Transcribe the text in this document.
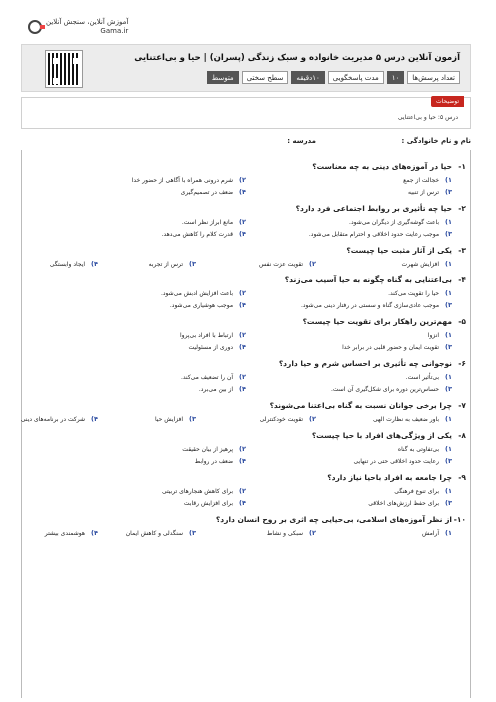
آموزش آنلاین، سنجش آنلاین
Gama.ir
آزمون آنلاین درس ۵ مدیریت خانواده و سبک زندگی (پسران) | حیا و بی‌اعتنایی
تعداد پرسش‌ها
۱۰
مدت پاسخگویی
۱۰دقیقه
سطح سختی
متوسط
توضیحات
درس ۵: حیا و بی‌اعتنایی
نام و نام خانوادگی :
مدرسه :
۱-
حیا در آموزه‌های دینی به چه معناست؟
۱)
خجالت از جمع
۲)
شرم درونی همراه با آگاهی از حضور خدا
۳)
ترس از تنبیه
۴)
ضعف در تصمیم‌گیری
۲-
حیا چه تأثیری بر روابط اجتماعی فرد دارد؟
۱)
باعث گوشه‌گیری از دیگران می‌شود.
۲)
مانع ابراز نظر است.
۳)
موجب رعایت حدود اخلاقی و احترام متقابل می‌شود.
۴)
قدرت کلام را کاهش می‌دهد.
۳-
یکی از آثار مثبت حیا چیست؟
۱)
افزایش شهرت
۲)
تقویت عزت نفس
۳)
ترس از تجربه
۴)
ایجاد وابستگی
۴-
بی‌اعتنایی به گناه چگونه به حیا آسیب می‌زند؟
۱)
حیا را تقویت می‌کند.
۲)
باعث افزایش ادبش می‌شود.
۳)
موجب عادی‌سازی گناه و سستی در رفتار دینی می‌شود.
۴)
موجب هوشیاری می‌شود.
۵-
مهم‌ترین راهکار برای تقویت حیا چیست؟
۱)
انزوا
۲)
ارتباط با افراد بی‌پروا
۳)
تقویت ایمان و حضور قلبی در برابر خدا
۴)
دوری از مسئولیت
۶-
نوجوانی چه تأثیری بر احساس شرم و حیا دارد؟
۱)
بی‌تأثیر است.
۲)
آن را تضعیف می‌کند.
۳)
حساس‌ترین دوره برای شکل‌گیری آن است.
۴)
از بین می‌برد.
۷-
چرا برخی جوانان نسبت به گناه بی‌اعتنا می‌شوند؟
۱)
باور ضعیف به نظارت الهی
۲)
تقویت خودکنترلی
۳)
افزایش حیا
۴)
شرکت در برنامه‌های دینی
۸-
یکی از ویژگی‌های افراد با حیا چیست؟
۱)
بی‌تفاوتی به گناه
۲)
پرهیز از بیان حقیقت
۳)
رعایت حدود اخلاقی حتی در تنهایی
۴)
ضعف در روابط
۹-
چرا جامعه به افراد باحیا نیاز دارد؟
۱)
برای تنوع فرهنگی
۲)
برای کاهش هنجارهای تربیتی
۳)
برای حفظ ارزش‌های اخلاقی
۴)
برای افزایش رقابت
۱۰-
از نظر آموزه‌های اسلامی، بی‌حیایی چه اثری بر روح انسان دارد؟
۱)
آرامش
۲)
سبکی و نشاط
۳)
سنگدلی و کاهش ایمان
۴)
هوشمندی بیشتر
